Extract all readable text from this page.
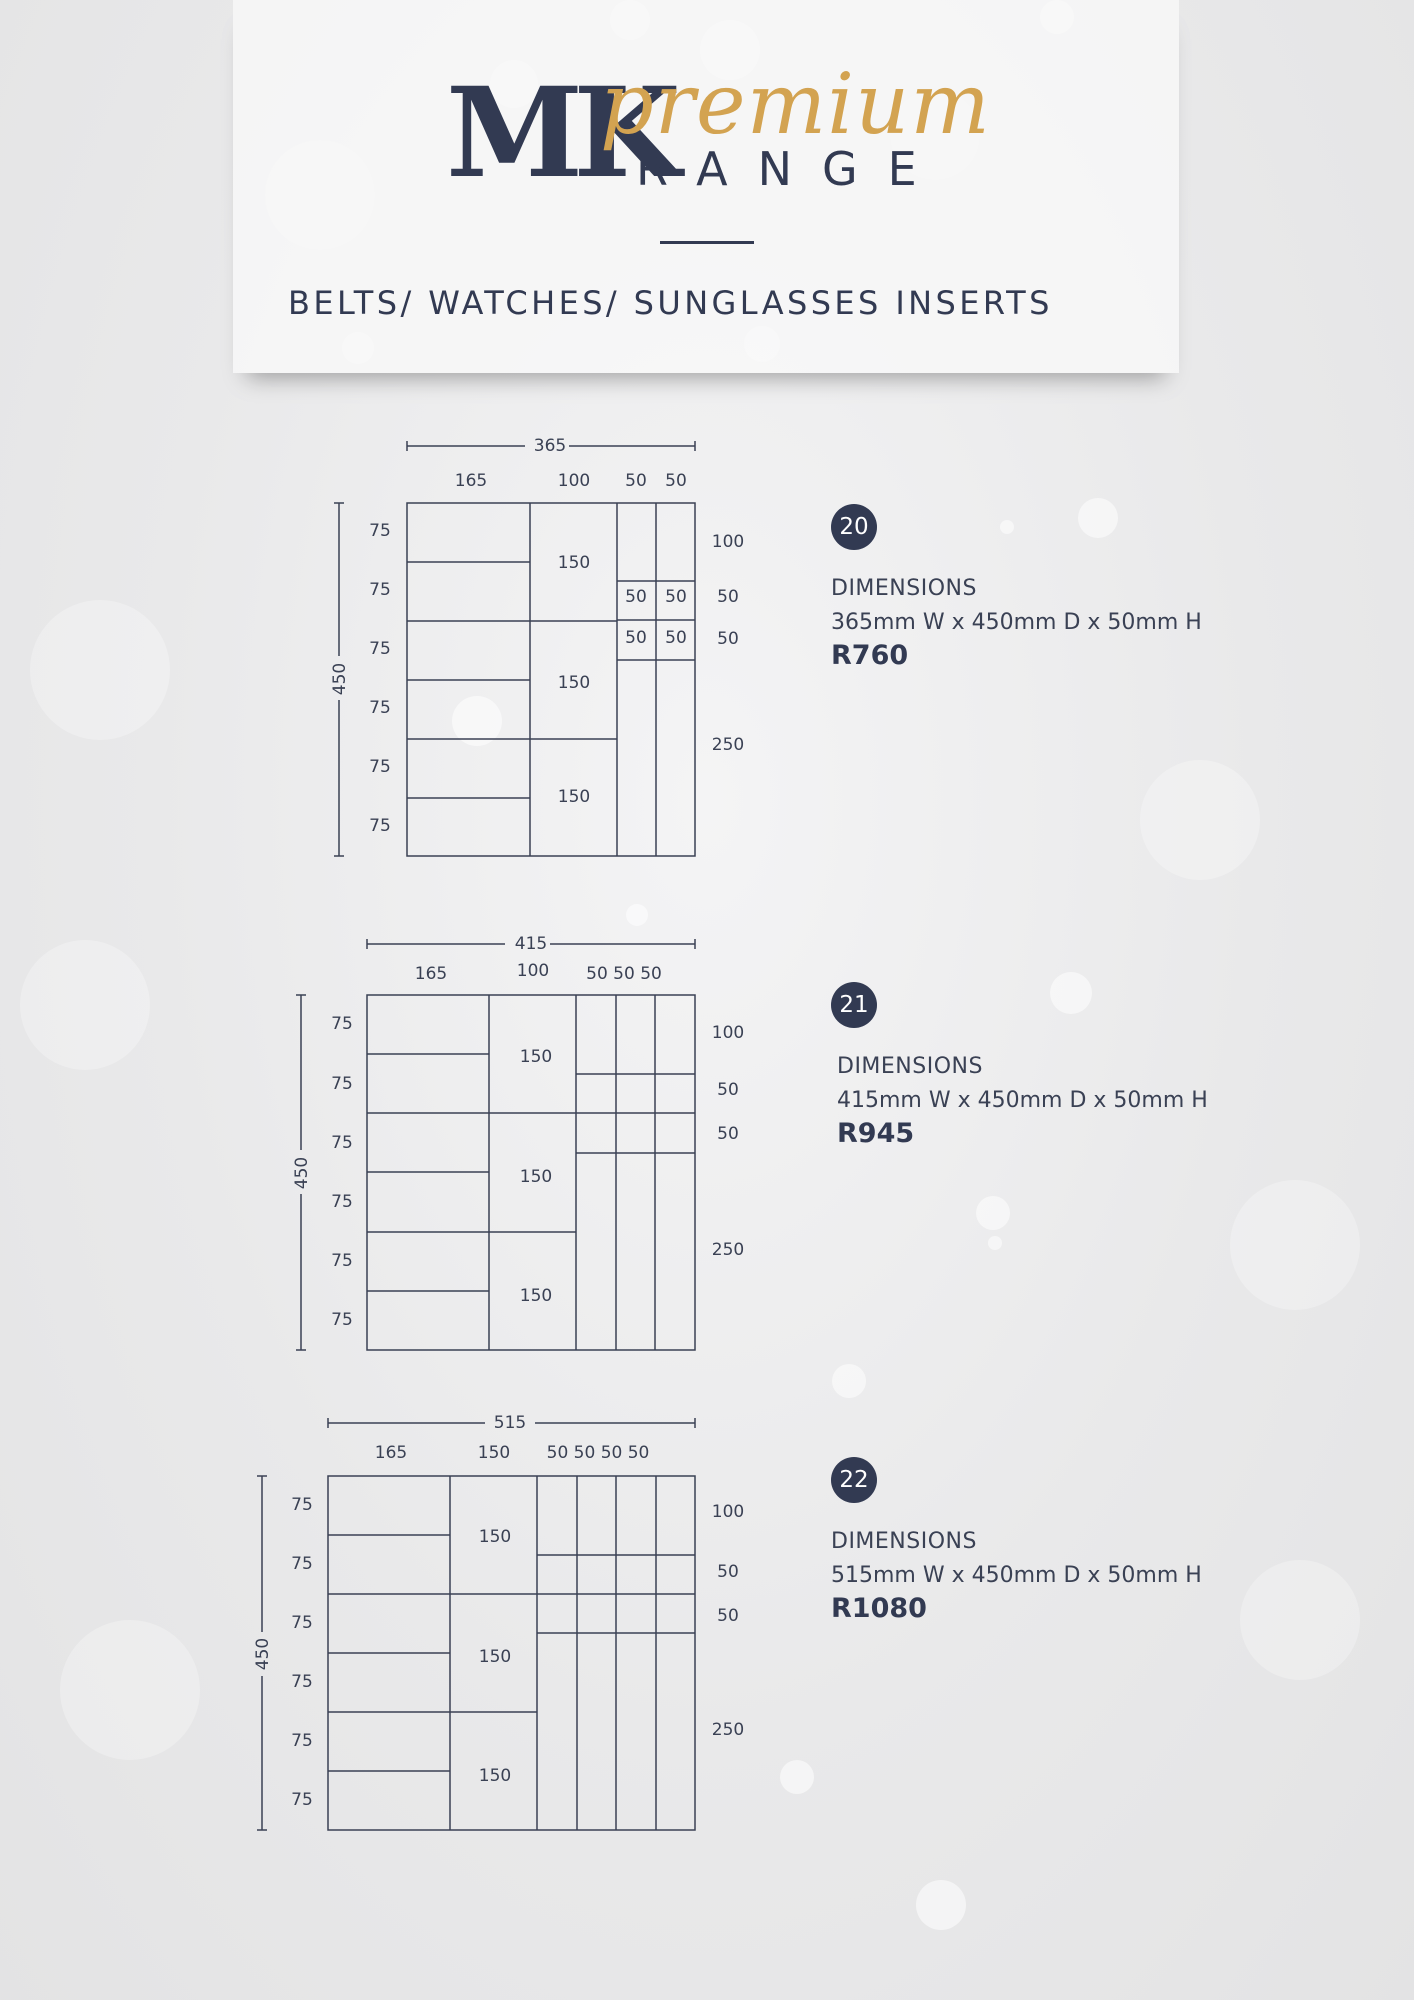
MK
premium
RANGE
BELTS/ WATCHES/ SUNGLASSES INSERTS
365
450
165	100 50 50
75
75
75
75
75
75
150
150
150
50 50
50 50
100
50
50
250
415
450
165	100 50 50 50
75
75
75
75
75
75
150
150
150
100
50
50
250
515
450
165	150 50 50 50 50
75
75
75
75
75
75
150
150
150
100
50
50
250
20
DIMENSIONS
365mm W x 450mm D x 50mm H
R760
21
DIMENSIONS
415mm W x 450mm D x 50mm H
R945
22
DIMENSIONS
515mm W x 450mm D x 50mm H
R1080
